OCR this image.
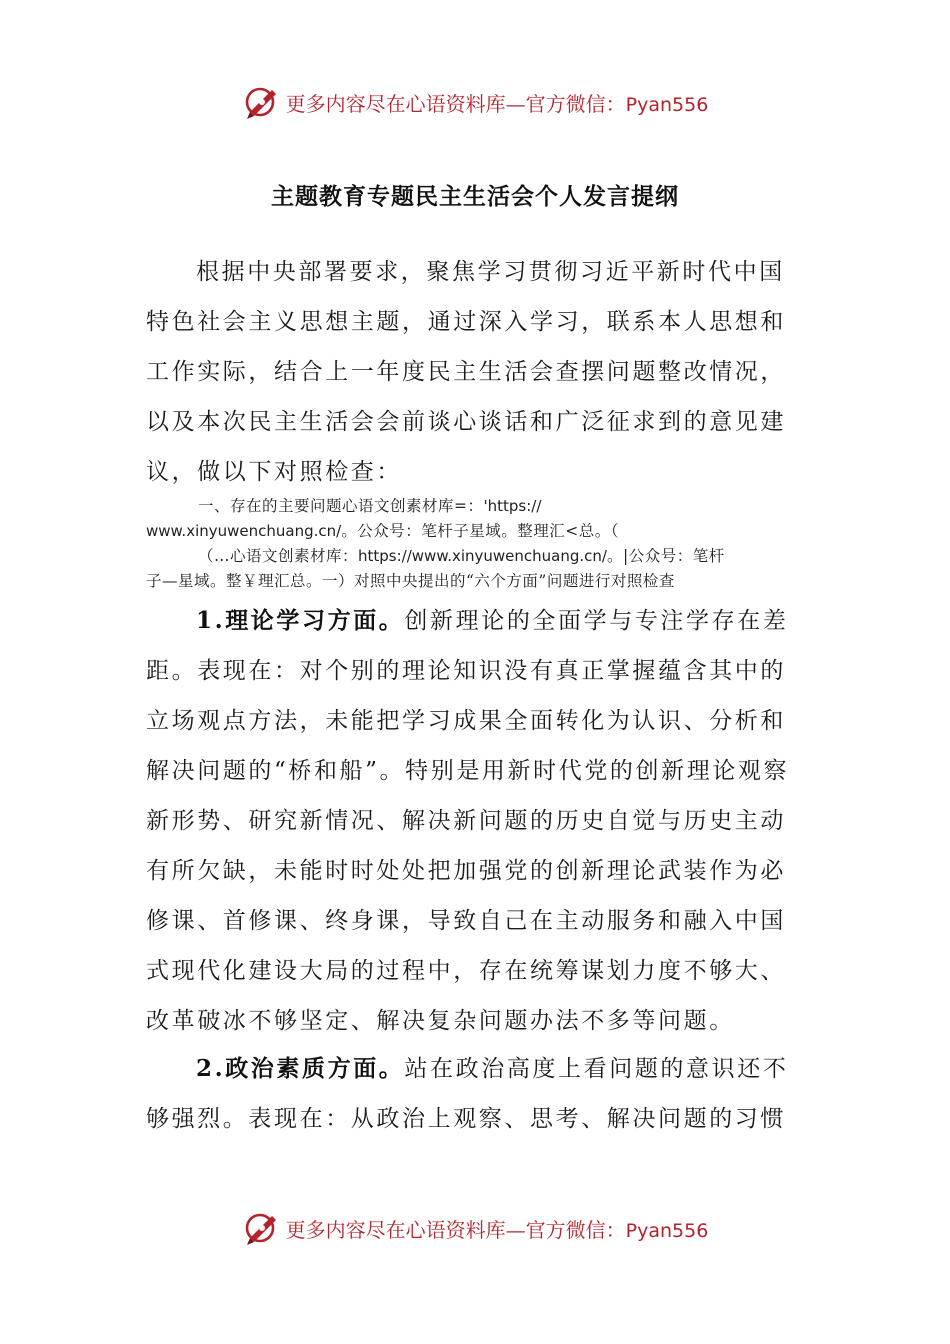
更多内容尽在心语资料库—官方微信：Pyan556
主题教育专题民主生活会个人发言提纲
根据中央部署要求，聚焦学习贯彻习近平新时代中国特色社会主义思想主题，通过深入学习，联系本人思想和工作实际，结合上一年度民主生活会查摆问题整改情况，以及本次民主生活会会前谈心谈话和广泛征求到的意见建议，做以下对照检查：
一、存在的主要问题心语文创素材库=：'https://
www.xinyuwenchuang.cn/。公众号：笔杆子星域。整理汇<总。（
（…心语文创素材库：https://www.xinyuwenchuang.cn/。|公众号：笔杆
子—星域。整￥理汇总。一）对照中央提出的“六个方面”问题进行对照检查
1.理论学习方面。创新理论的全面学与专注学存在差距。表现在：对个别的理论知识没有真正掌握蕴含其中的立场观点方法，未能把学习成果全面转化为认识、分析和解决问题的“桥和船”。特别是用新时代党的创新理论观察新形势、研究新情况、解决新问题的历史自觉与历史主动有所欠缺，未能时时处处把加强党的创新理论武装作为必修课、首修课、终身课，导致自己在主动服务和融入中国式现代化建设大局的过程中，存在统筹谋划力度不够大、改革破冰不够坚定、解决复杂问题办法不多等问题。
2.政治素质方面。站在政治高度上看问题的意识还不够强烈。表现在：从政治上观察、思考、解决问题的习惯
更多内容尽在心语资料库—官方微信：Pyan556
